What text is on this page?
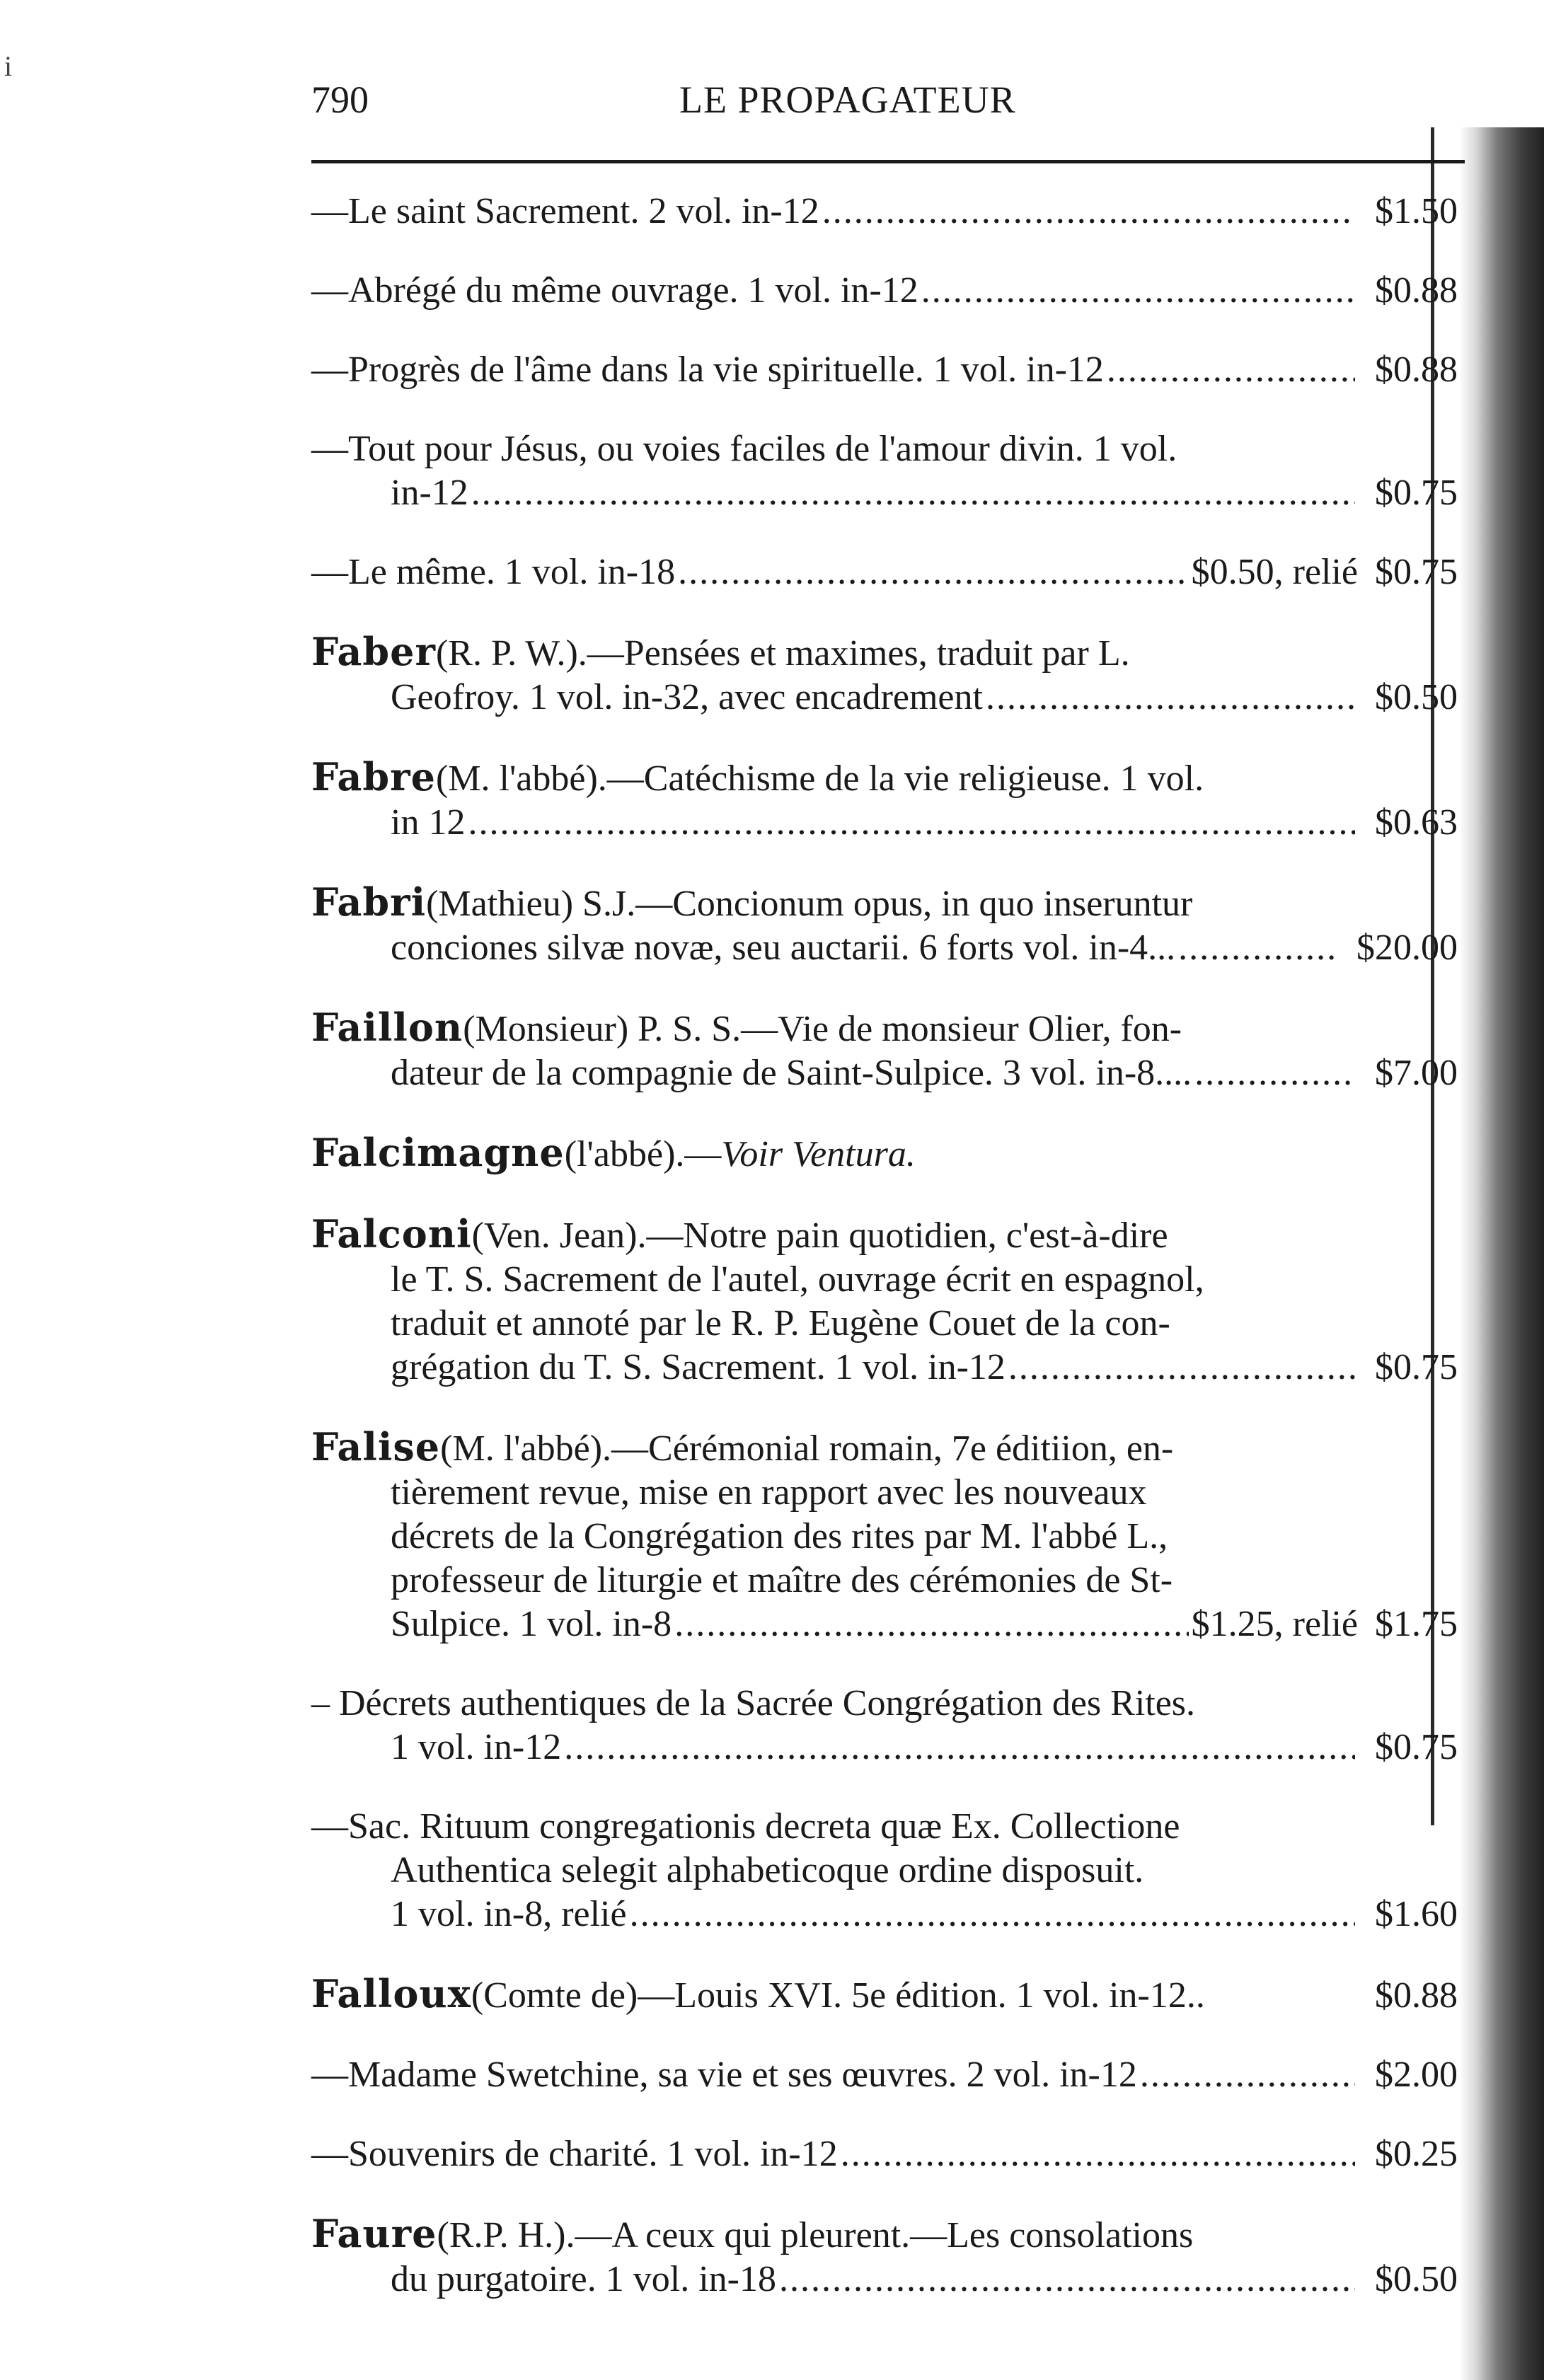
i
790	LE PROPAGATEUR
—Le saint Sacrement. 2 vol. in-12 .....	$1.50
—Abrégé du même ouvrage. 1 vol. in-12 .....	$0.88
—Progrès de l'âme dans la vie spirituelle. 1 vol. in-12 .....	$0.88
—Tout pour Jésus, ou voies faciles de l'amour divin. 1 vol.
in-12 .....	$0.75
—Le même. 1 vol. in-18 .....	$0.50, relié $0.75
Faber (R. P. W.).—Pensées et maximes, traduit par L.
Geofroy. 1 vol. in-32, avec encadrement .....	$0.50
Fabre (M. l'abbé).—Catéchisme de la vie religieuse. 1 vol.
in 12 .....	$0.63
Fabri (Mathieu) S.J.—Concionum opus, in quo inseruntur
conciones silvæ novæ, seu auctarii. 6 forts vol. in-4... .....	$20.00
Faillon (Monsieur) P. S. S.—Vie de monsieur Olier, fon-
dateur de la compagnie de Saint-Sulpice. 3 vol. in-8.... .....	$7.00
Falcimagne (l'abbé).— Voir Ventura.
Falconi (Ven. Jean).—Notre pain quotidien, c'est-à-dire
le T. S. Sacrement de l'autel, ouvrage écrit en espagnol,
traduit et annoté par le R. P. Eugène Couet de la con-
grégation du T. S. Sacrement. 1 vol. in-12 .....	$0.75
Falise (M. l'abbé).—Cérémonial romain, 7e éditiion, en-
tièrement revue, mise en rapport avec les nouveaux
décrets de la Congrégation des rites par M. l'abbé L.,
professeur de liturgie et maître des cérémonies de St-
Sulpice. 1 vol. in-8 .....	$1.25, relié $1.75
– Décrets authentiques de la Sacrée Congrégation des Rites.
1 vol. in-12 .....	$0.75
—Sac. Rituum congregationis decreta quæ Ex. Collectione
Authentica selegit alphabeticoque ordine disposuit.
1 vol. in-8, relié .....	$1.60
Falloux (Comte de)—Louis XVI. 5e édition. 1 vol. in-12..	$0.88
—Madame Swetchine, sa vie et ses œuvres. 2 vol. in-12 .....	$2.00
—Souvenirs de charité. 1 vol. in-12 .....	$0.25
Faure (R.P. H.).—A ceux qui pleurent.—Les consolations
du purgatoire. 1 vol. in-18 .....	$0.50
